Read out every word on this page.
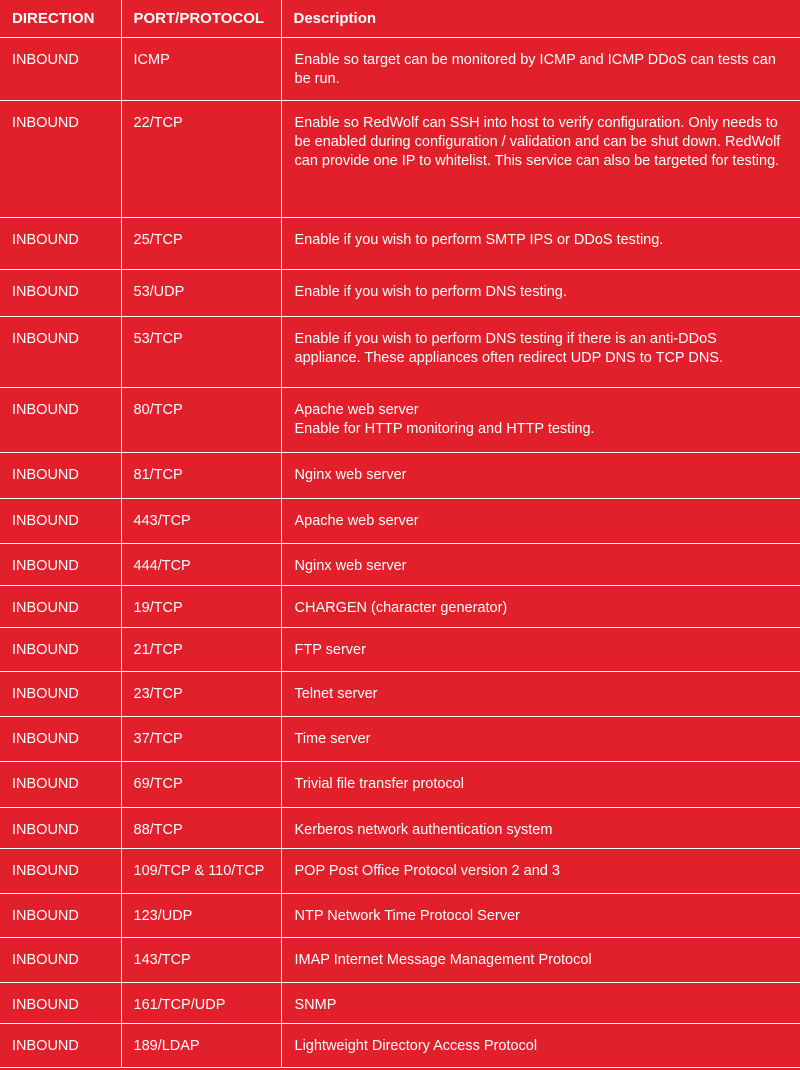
DIRECTION	PORT/PROTOCOL	Description
INBOUND	ICMP	Enable so target can be monitored by ICMP and ICMP DDoS can tests can be run.

INBOUND	22/TCP	Enable so RedWolf can SSH into host to verify configuration. Only needs to be enabled during configuration / validation and can be shut down. RedWolf can provide one IP to whitelist. This service can also be targeted for testing.

INBOUND	25/TCP	Enable if you wish to perform SMTP IPS or DDoS testing.

INBOUND	53/UDP	Enable if you wish to perform DNS testing.

INBOUND	53/TCP	Enable if you wish to perform DNS testing if there is an anti-DDoS appliance. These appliances often redirect UDP DNS to TCP DNS.

INBOUND	80/TCP	Apache web server
Enable for HTTP monitoring and HTTP testing.

INBOUND	81/TCP	Nginx web server

INBOUND	443/TCP	Apache web server

INBOUND	444/TCP	Nginx web server

INBOUND	19/TCP	CHARGEN (character generator)

INBOUND	21/TCP	FTP server

INBOUND	23/TCP	Telnet server

INBOUND	37/TCP	Time server

INBOUND	69/TCP	Trivial file transfer protocol

INBOUND	88/TCP	Kerberos network authentication system

INBOUND	109/TCP & 110/TCP	POP Post Office Protocol version 2 and 3

INBOUND	123/UDP	NTP Network Time Protocol Server

INBOUND	143/TCP	IMAP Internet Message Management Protocol

INBOUND	161/TCP/UDP	SNMP

INBOUND	189/LDAP	Lightweight Directory Access Protocol
